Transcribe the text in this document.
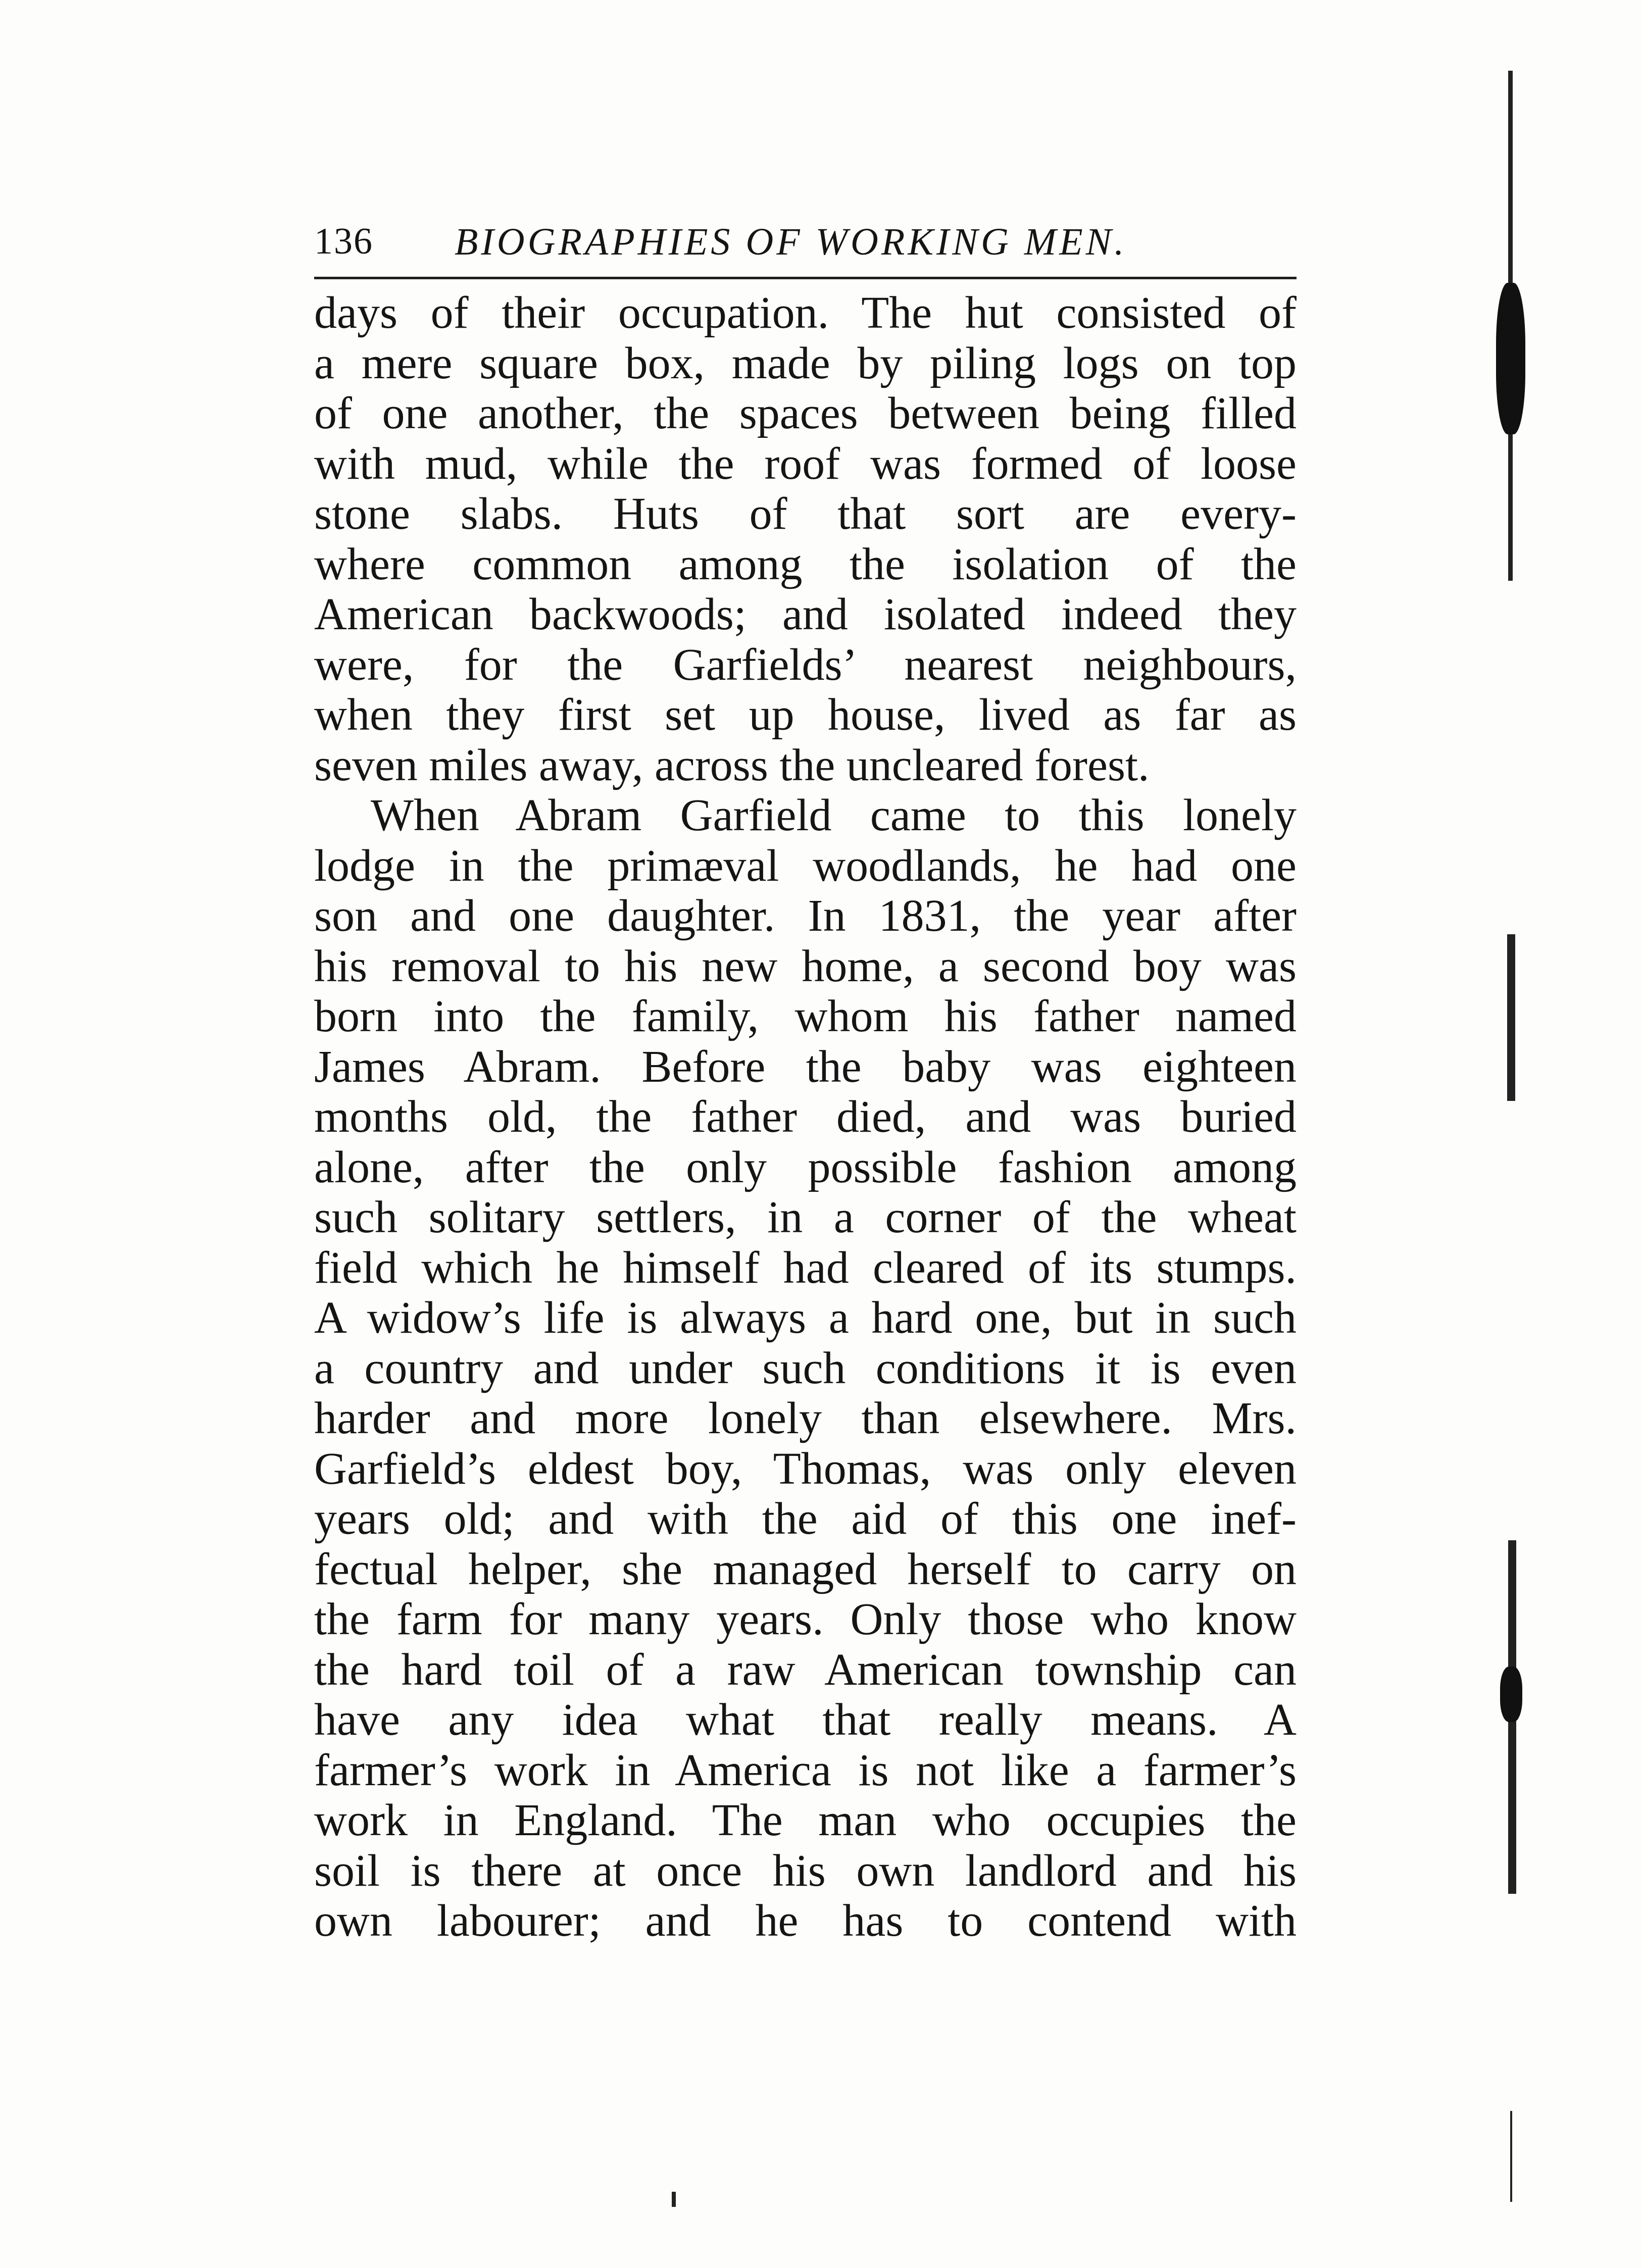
136 BIOGRAPHIES OF WORKING MEN.
days of their occupation. The hut consisted of
a mere square box, made by piling logs on top
of one another, the spaces between being filled
with mud, while the roof was formed of loose
stone slabs. Huts of that sort are every-
where common among the isolation of the
American backwoods; and isolated indeed they
were, for the Garfields’ nearest neighbours,
when they first set up house, lived as far as
seven miles away, across the uncleared forest.
When Abram Garfield came to this lonely
lodge in the primæval woodlands, he had one
son and one daughter. In 1831, the year after
his removal to his new home, a second boy was
born into the family, whom his father named
James Abram. Before the baby was eighteen
months old, the father died, and was buried
alone, after the only possible fashion among
such solitary settlers, in a corner of the wheat
field which he himself had cleared of its stumps.
A widow’s life is always a hard one, but in such
a country and under such conditions it is even
harder and more lonely than elsewhere. Mrs.
Garfield’s eldest boy, Thomas, was only eleven
years old; and with the aid of this one inef-
fectual helper, she managed herself to carry on
the farm for many years. Only those who know
the hard toil of a raw American township can
have any idea what that really means. A
farmer’s work in America is not like a farmer’s
work in England. The man who occupies the
soil is there at once his own landlord and his
own labourer; and he has to contend with
